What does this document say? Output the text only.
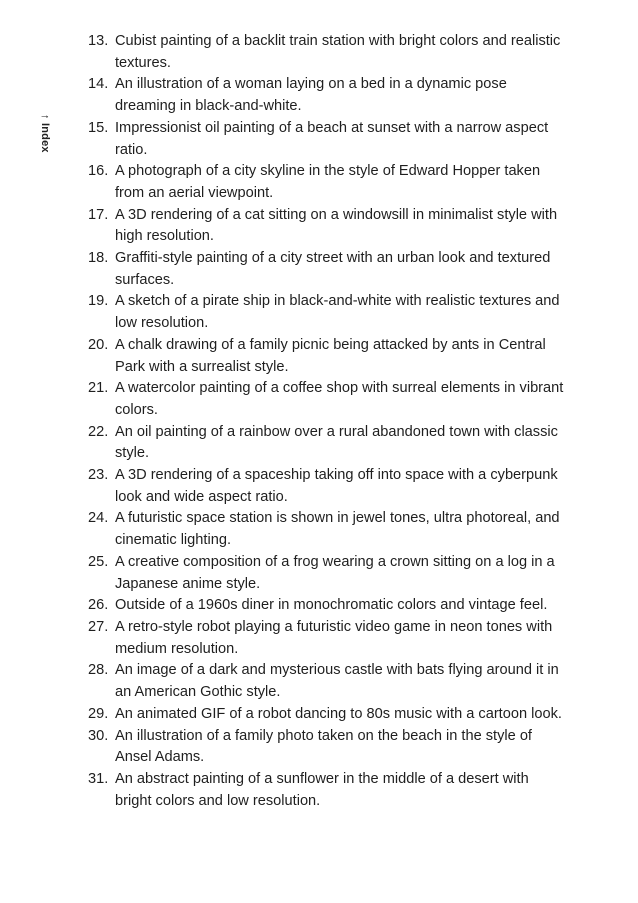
↑
Index
13. Cubist painting of a backlit train station with bright colors and realistic textures.
14. An illustration of a woman laying on a bed in a dynamic pose dreaming in black-and-white.
15. Impressionist oil painting of a beach at sunset with a narrow aspect ratio.
16. A photograph of a city skyline in the style of Edward Hopper taken from an aerial viewpoint.
17. A 3D rendering of a cat sitting on a windowsill in minimalist style with high resolution.
18. Graffiti-style painting of a city street with an urban look and textured surfaces.
19. A sketch of a pirate ship in black-and-white with realistic textures and low resolution.
20. A chalk drawing of a family picnic being attacked by ants in Central Park with a surrealist style.
21. A watercolor painting of a coffee shop with surreal elements in vibrant colors.
22. An oil painting of a rainbow over a rural abandoned town with classic style.
23. A 3D rendering of a spaceship taking off into space with a cyberpunk look and wide aspect ratio.
24. A futuristic space station is shown in jewel tones, ultra photoreal, and cinematic lighting.
25. A creative composition of a frog wearing a crown sitting on a log in a Japanese anime style.
26. Outside of a 1960s diner in monochromatic colors and vintage feel.
27. A retro-style robot playing a futuristic video game in neon tones with medium resolution.
28. An image of a dark and mysterious castle with bats flying around it in an American Gothic style.
29. An animated GIF of a robot dancing to 80s music with a cartoon look.
30. An illustration of a family photo taken on the beach in the style of Ansel Adams.
31. An abstract painting of a sunflower in the middle of a desert with bright colors and low resolution.
